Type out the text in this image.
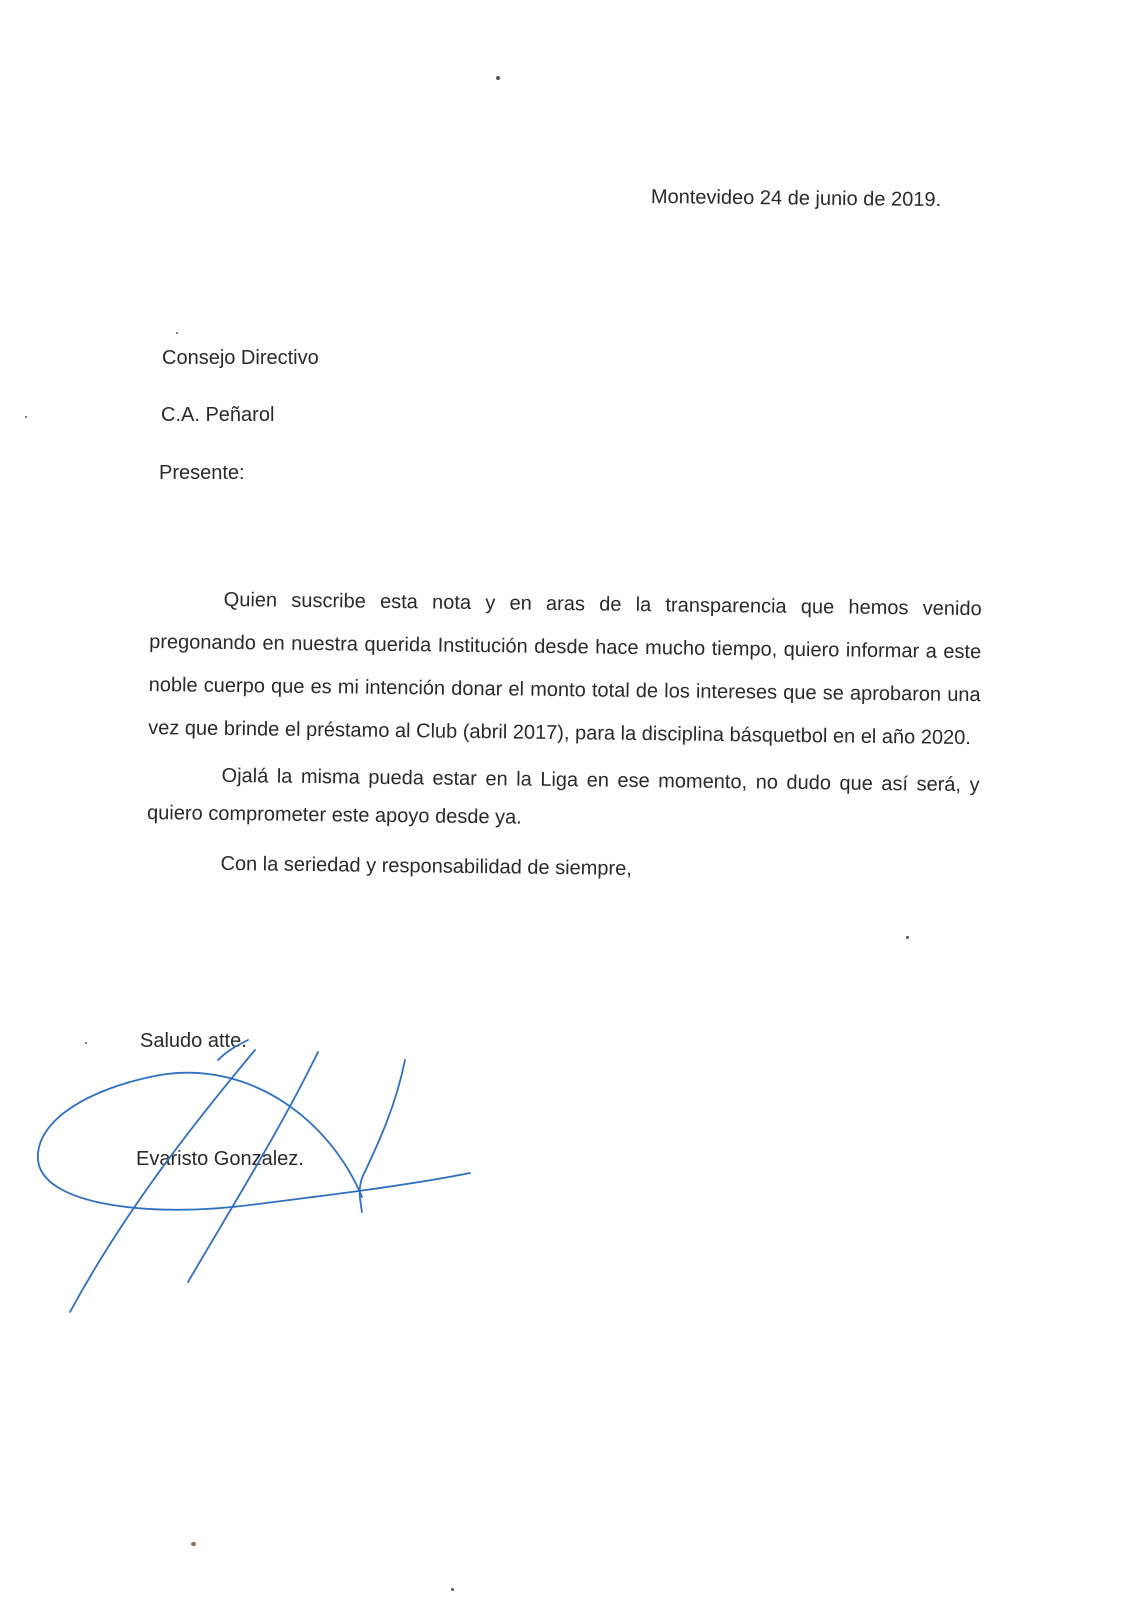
Montevideo 24 de junio de 2019.
Consejo Directivo
C.A. Peñarol
Presente:

Quien suscribe esta nota y en aras de la transparencia que hemos venido pregonando en nuestra querida Institución desde hace mucho tiempo, quiero informar a este noble cuerpo que es mi intención donar el monto total de los intereses que se aprobaron una vez que brinde el préstamo al Club (abril 2017), para la disciplina básquetbol en el año 2020.

Ojalá la misma pueda estar en la Liga en ese momento, no dudo que así será, y quiero comprometer este apoyo desde ya.

Con la seriedad y responsabilidad de siempre,

Saludo atte.
Evaristo Gonzalez.
